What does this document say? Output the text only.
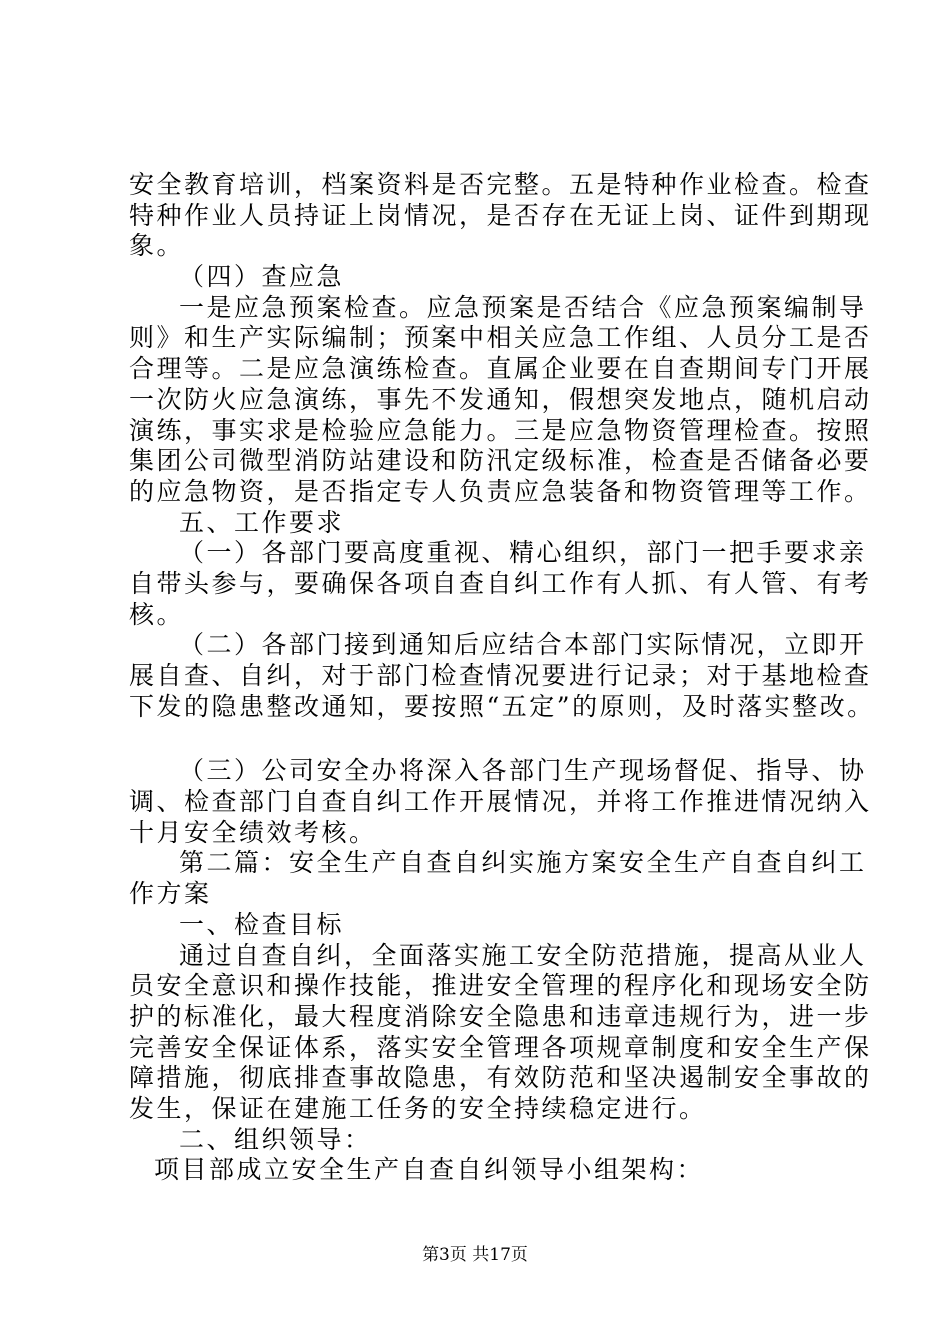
安全教育培训，档案资料是否完整。五是特种作业检查。检查
特种作业人员持证上岗情况，是否存在无证上岗、证件到期现
象。
（四）查应急
一是应急预案检查。应急预案是否结合《应急预案编制导
则》和生产实际编制；预案中相关应急工作组、人员分工是否
合理等。二是应急演练检查。直属企业要在自查期间专门开展
一次防火应急演练，事先不发通知，假想突发地点，随机启动
演练，事实求是检验应急能力。三是应急物资管理检查。按照
集团公司微型消防站建设和防汛定级标准，检查是否储备必要
的应急物资，是否指定专人负责应急装备和物资管理等工作。
五、工作要求
（一）各部门要高度重视、精心组织，部门一把手要求亲
自带头参与，要确保各项自查自纠工作有人抓、有人管、有考
核。
（二）各部门接到通知后应结合本部门实际情况，立即开
展自查、自纠，对于部门检查情况要进行记录；对于基地检查
下发的隐患整改通知，要按照“五定”的原则，及时落实整改。
（三）公司安全办将深入各部门生产现场督促、指导、协
调、检查部门自查自纠工作开展情况，并将工作推进情况纳入
十月安全绩效考核。
第二篇：安全生产自查自纠实施方案安全生产自查自纠工
作方案
一、检查目标
通过自查自纠，全面落实施工安全防范措施，提高从业人
员安全意识和操作技能，推进安全管理的程序化和现场安全防
护的标准化，最大程度消除安全隐患和违章违规行为，进一步
完善安全保证体系，落实安全管理各项规章制度和安全生产保
障措施，彻底排查事故隐患，有效防范和坚决遏制安全事故的
发生，保证在建施工任务的安全持续稳定进行。
二、组织领导：
项目部成立安全生产自查自纠领导小组架构：
第3页 共17页
